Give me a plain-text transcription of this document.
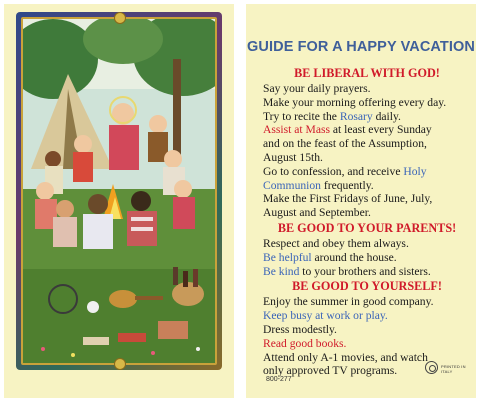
GUIDE FOR A HAPPY VACATION
BE LIBERAL WITH GOD!
Say your daily prayers.
Make your morning offering every day.
Try to recite the Rosary daily.
Assist at Mass at least every Sunday
and on the feast of the Assumption,
August 15th.
Go to confession, and receive Holy
Communion frequently.
Make the First Fridays of June, July,
August and September.
BE GOOD TO YOUR PARENTS!
Respect and obey them always.
Be helpful around the house.
Be kind to your brothers and sisters.
BE GOOD TO YOURSELF!
Enjoy the summer in good company.
Keep busy at work or play.
Dress modestly.
Read good books.
Attend only A-1 movies, and watch
only approved TV programs.
800-277
PRINTED IN ITALY
